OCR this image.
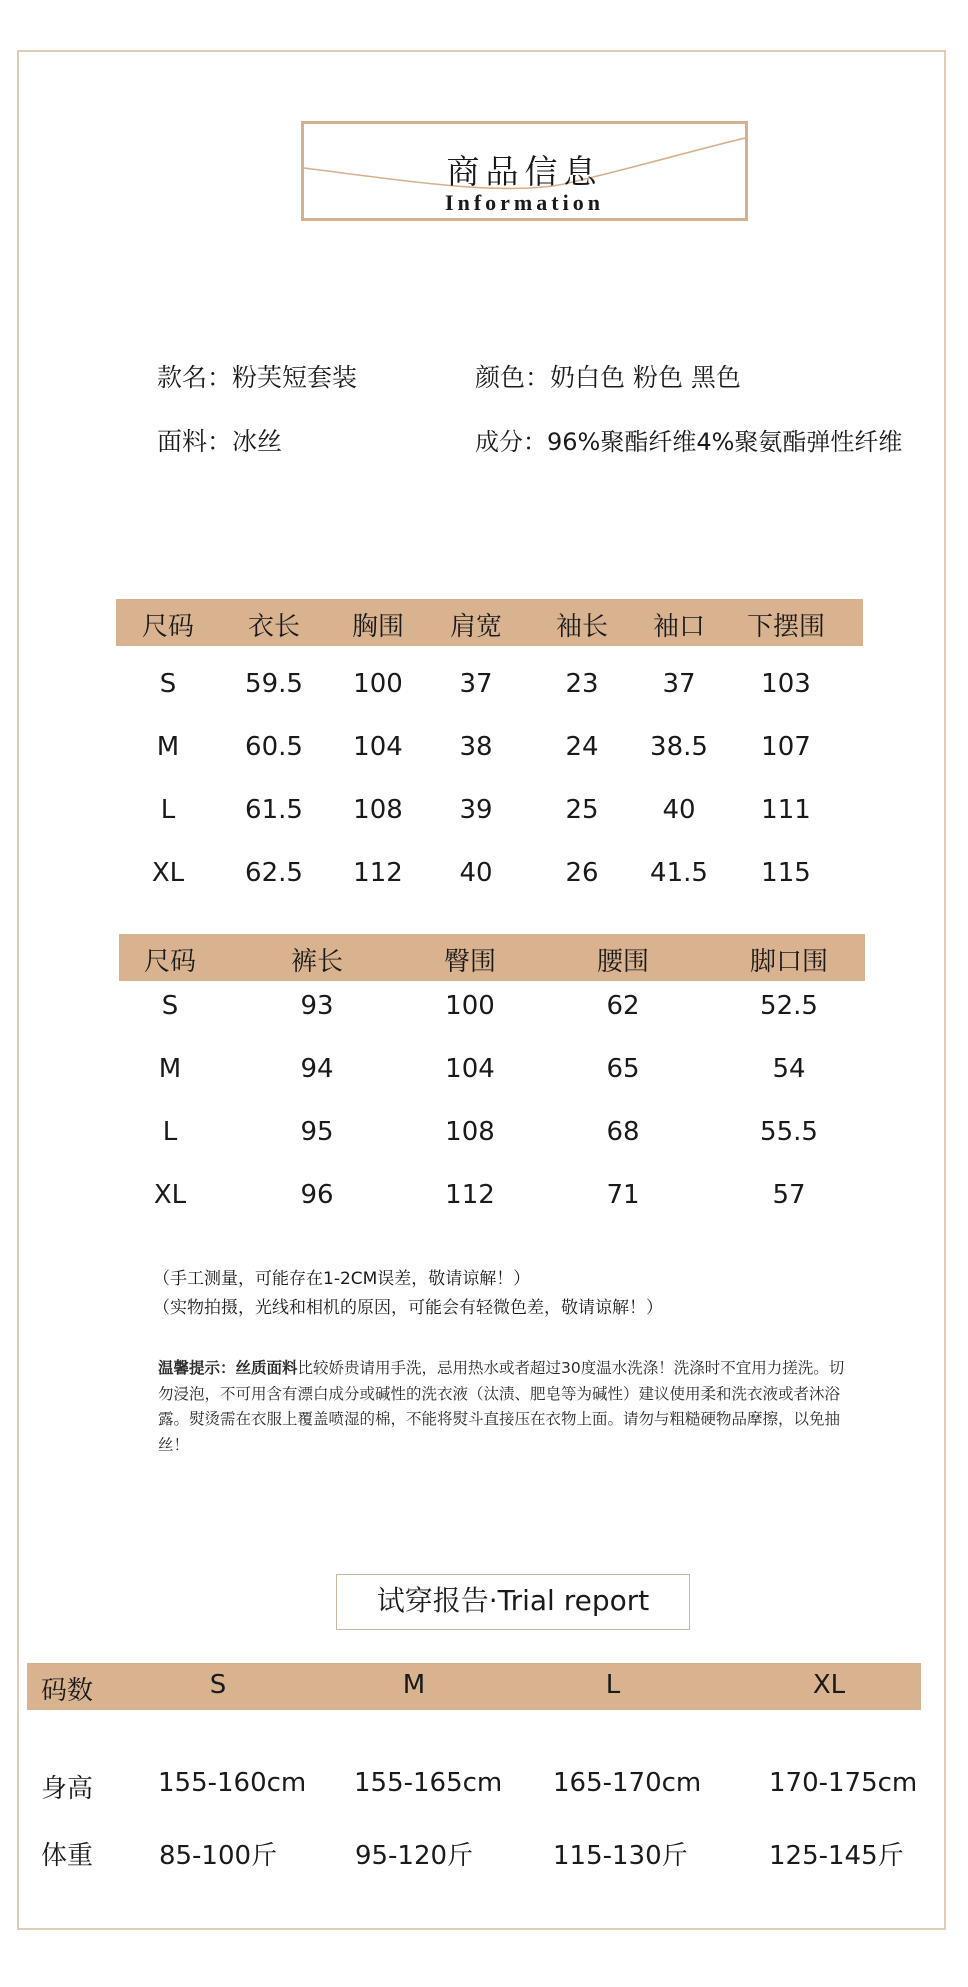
商品信息
Information
款名：粉芙短套装	颜色：奶白色 粉色 黑色
面料：冰丝	成分：96%聚酯纤维4%聚氨酯弹性纤维
尺码	衣长	胸围	肩宽	袖长	袖口	下摆围
S	59.5	100	37	23	37	103
M	60.5	104	38	24	38.5	107
L	61.5	108	39	25	40	111
XL	62.5	112	40	26	41.5	115
尺码	裤长	臀围	腰围	脚口围
S	93	100	62	52.5
M	94	104	65	54
L	95	108	68	55.5
XL	96	112	71	57
（手工测量，可能存在1-2CM误差，敬请谅解！）
（实物拍摄，光线和相机的原因，可能会有轻微色差，敬请谅解！）
温馨提示：丝质面料比较娇贵请用手洗，忌用热水或者超过30度温水洗涤！洗涤时不宜用力搓洗。切勿浸泡，不可用含有漂白成分或碱性的洗衣液（汰渍、肥皂等为碱性）建议使用柔和洗衣液或者沐浴露。熨烫需在衣服上覆盖喷湿的棉，不能将熨斗直接压在衣物上面。请勿与粗糙硬物品摩擦，以免抽丝！
试穿报告·Trial report
码数	S	M	L	XL
身高	155-160cm 155-165cm 165-170cm	170-175cm
体重	85-100斤	95-120斤	115-130斤	125-145斤
